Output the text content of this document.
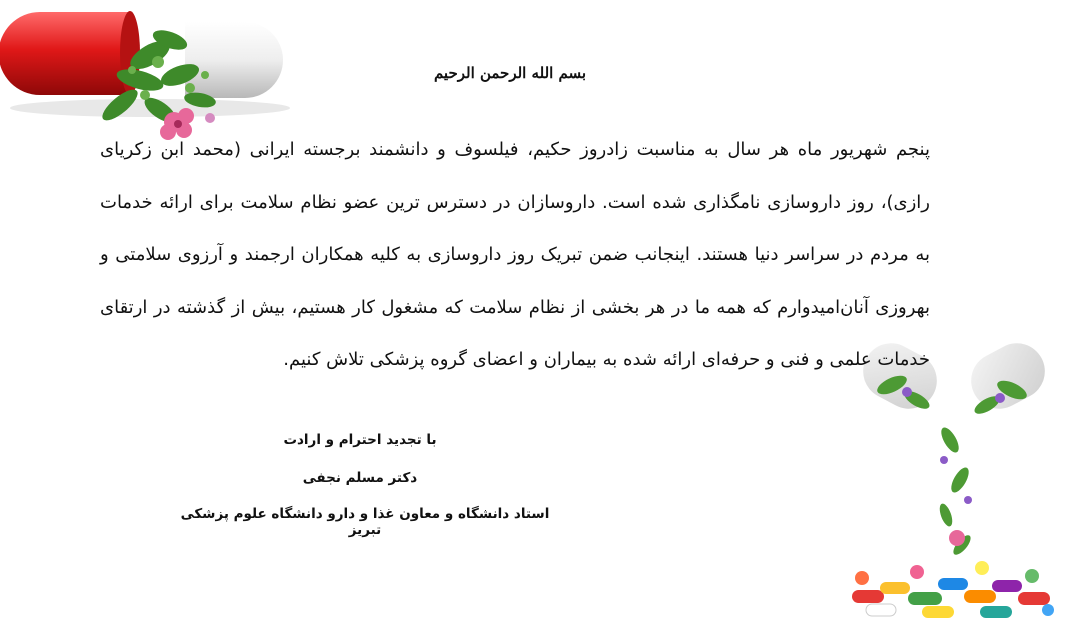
بسم الله الرحمن الرحیم
پنجم شهریور ماه هر سال به مناسبت زادروز حکیم، فیلسوف و دانشمند برجسته ایرانی (محمد ابن زکریای رازی)، روز داروسازی نامگذاری شده است. داروسازان در دسترس ترین عضو نظام سلامت برای ارائه خدمات به مردم در سراسر دنیا هستند. اینجانب ضمن تبریک روز داروسازی به کلیه همکاران ارجمند و آرزوی سلامتی و بهروزی آنان‌امیدوارم که همه ما در هر بخشی از نظام سلامت که مشغول کار هستیم، بیش از گذشته در ارتقای خدمات علمی و فنی و حرفه‌ای ارائه شده به بیماران و اعضای گروه پزشکی تلاش کنیم.
با تجدید احترام و ارادت
دکتر مسلم نجفی
استاد دانشگاه و معاون غذا و دارو دانشگاه علوم پزشکی تبریز
